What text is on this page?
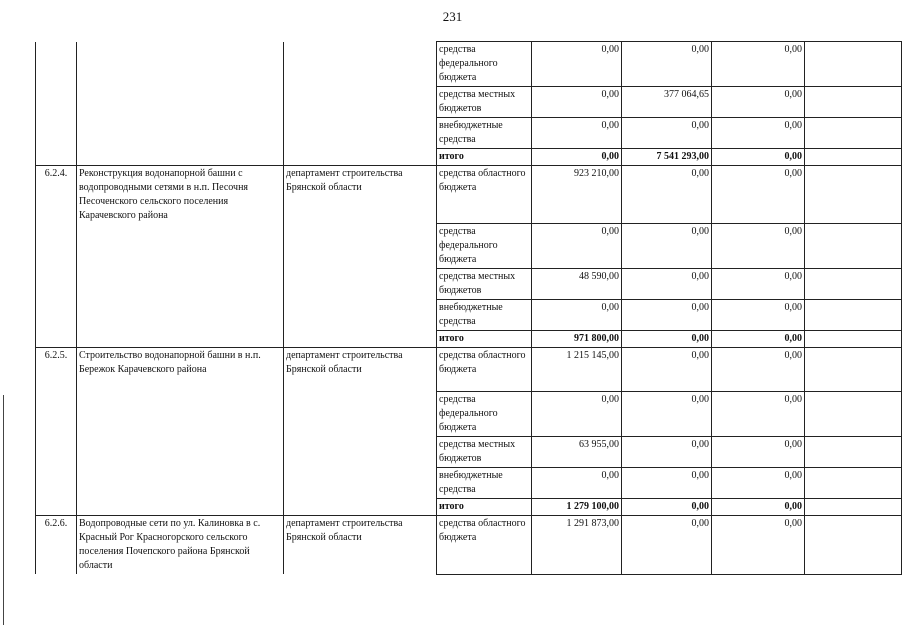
231
			средства федерального бюджета	0,00	0,00	0,00	
			средства местных бюджетов	0,00	377 064,65	0,00	
			внебюджетные средства	0,00	0,00	0,00	
			итого	0,00	7 541 293,00	0,00	
6.2.4.	Реконструкция водонапорной башни с водопроводными сетями в н.п. Песочня Песоченского сельского поселения Карачевского района	департамент строительства Брянской области	средства областного бюджета	923 210,00	0,00	0,00	
			средства федерального бюджета	0,00	0,00	0,00	
			средства местных бюджетов	48 590,00	0,00	0,00	
			внебюджетные средства	0,00	0,00	0,00	
			итого	971 800,00	0,00	0,00	
6.2.5.	Строительство водонапорной башни в н.п. Бережок Карачевского района	департамент строительства Брянской области	средства областного бюджета	1 215 145,00	0,00	0,00	
			средства федерального бюджета	0,00	0,00	0,00	
			средства местных бюджетов	63 955,00	0,00	0,00	
			внебюджетные средства	0,00	0,00	0,00	
			итого	1 279 100,00	0,00	0,00	
6.2.6.	Водопроводные сети по ул. Калиновка в с. Красный Рог Красногорского сельского поселения Почепского района Брянской области	департамент строительства Брянской области	средства областного бюджета	1 291 873,00	0,00	0,00	
